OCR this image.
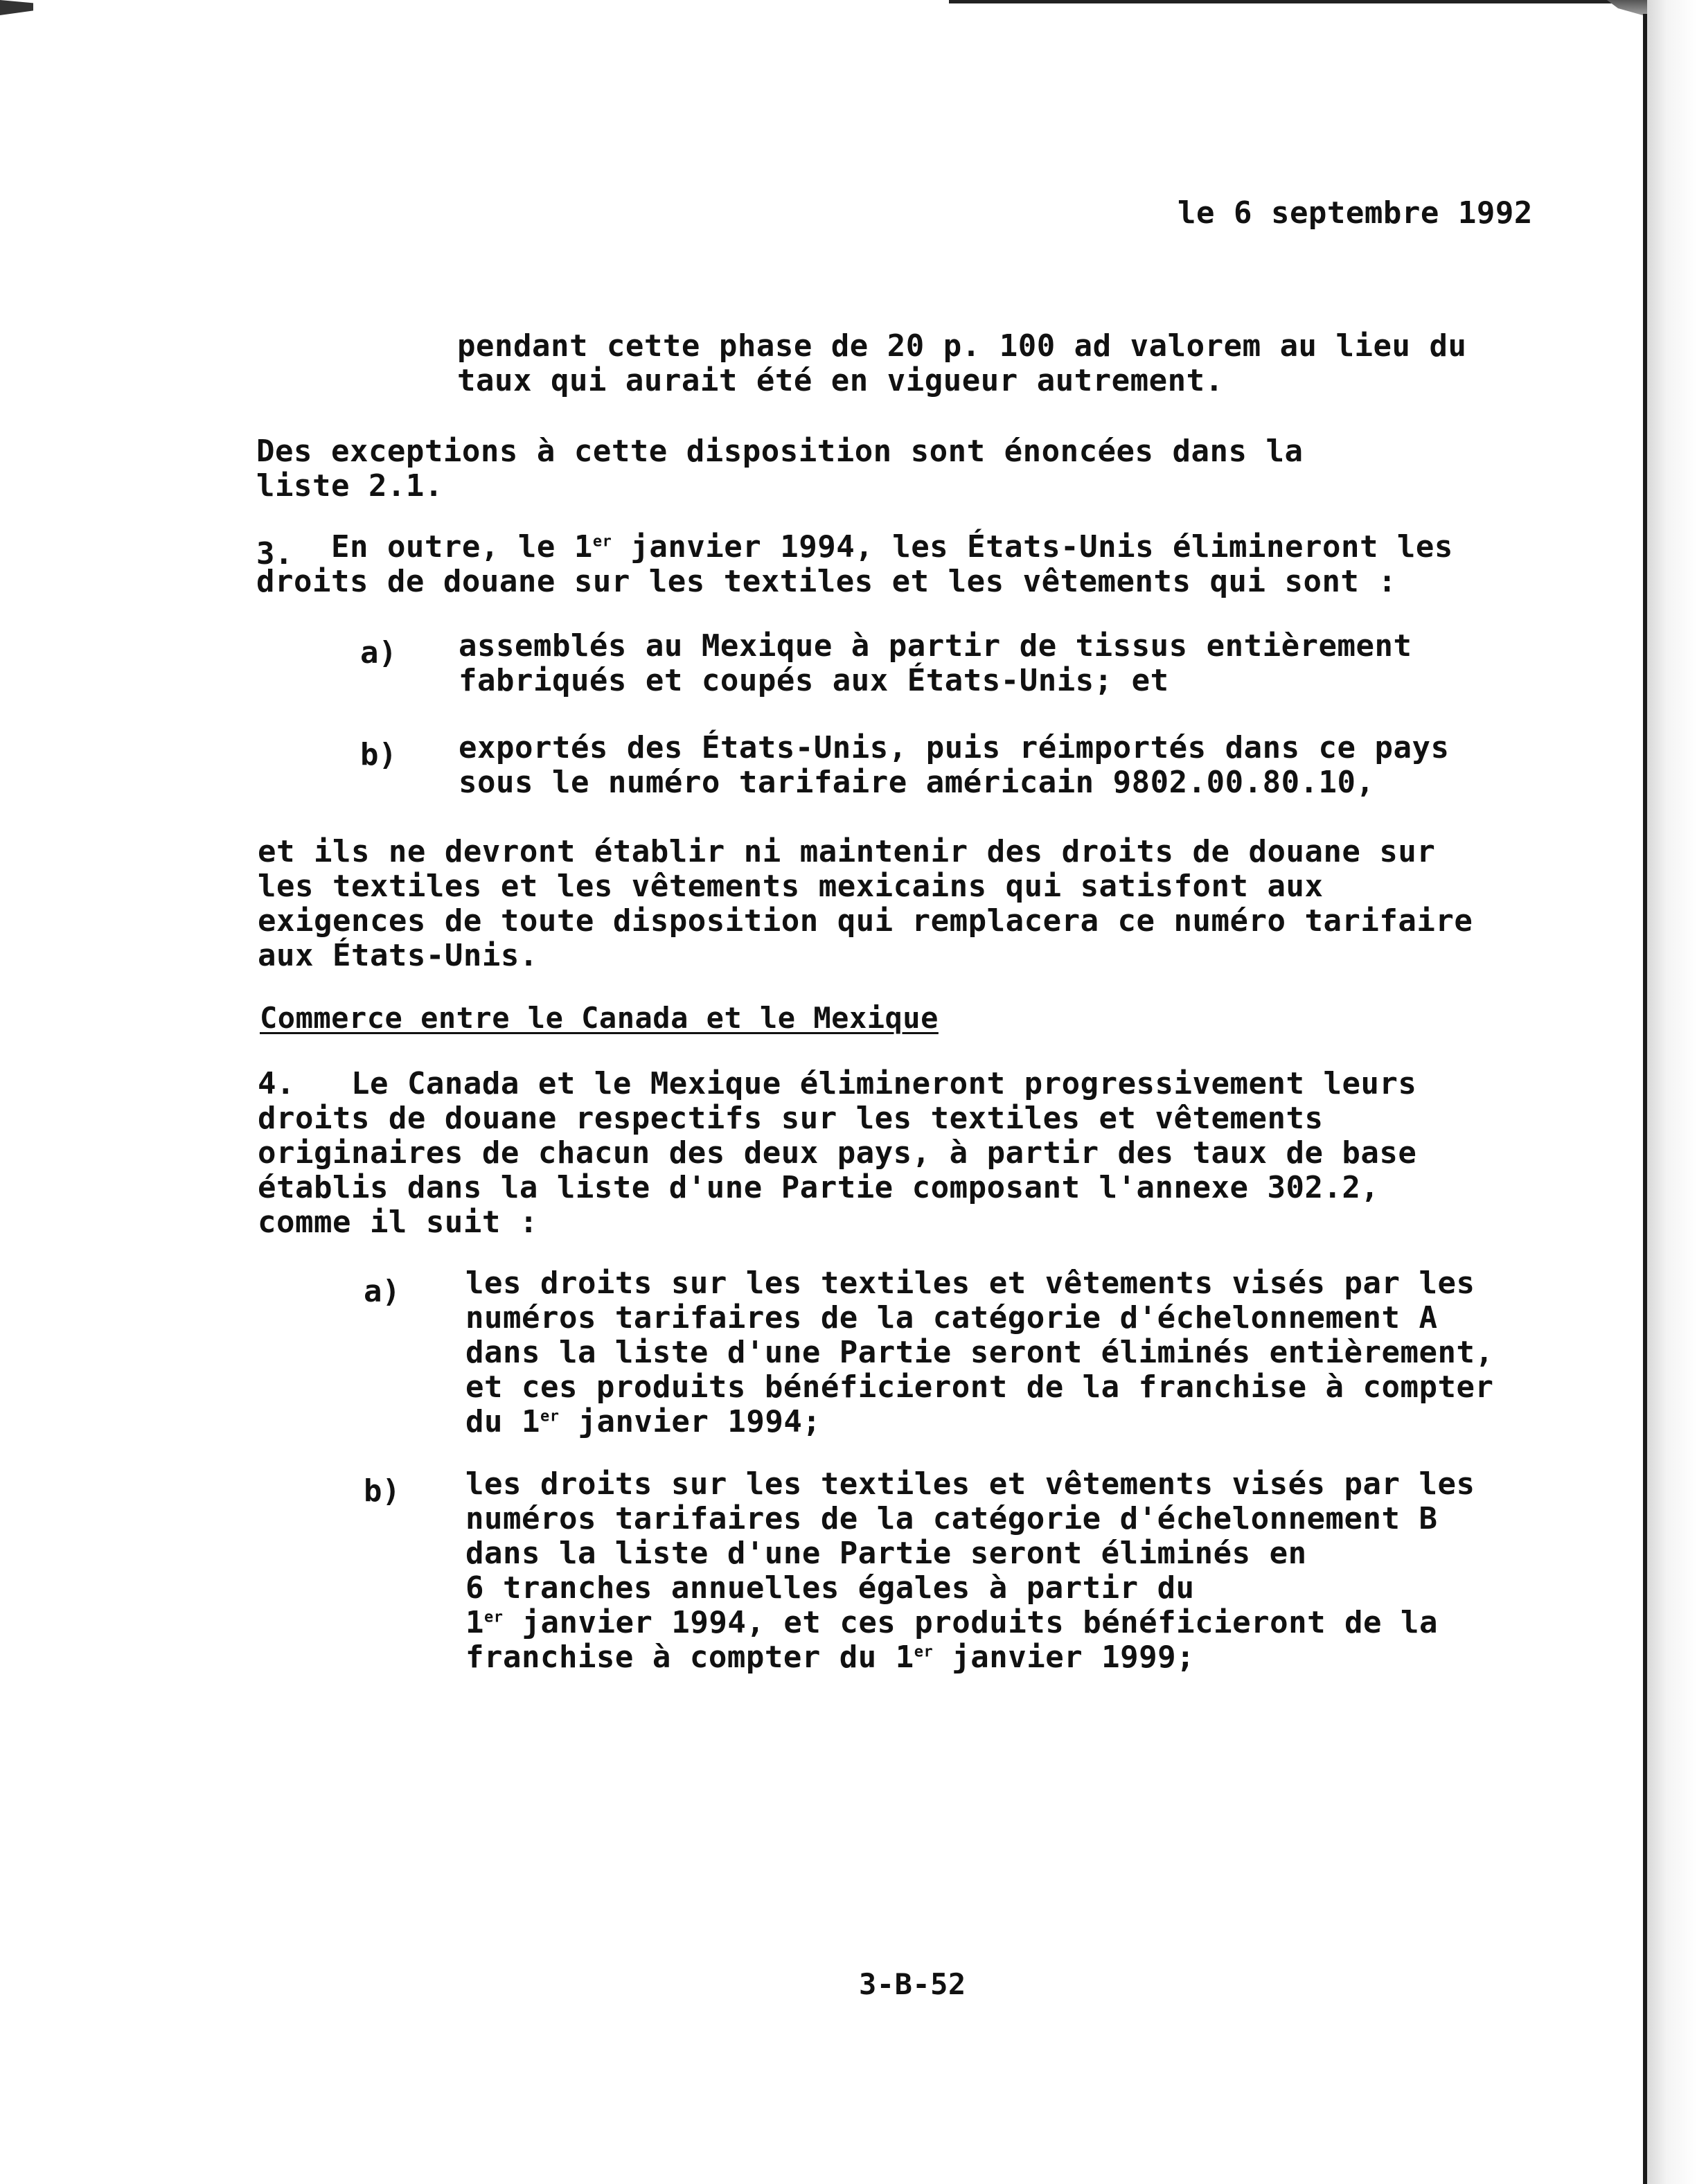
le 6 septembre 1992

pendant cette phase de 20 p. 100 ad valorem au lieu du
taux qui aurait été en vigueur autrement.
Des exceptions à cette disposition sont énoncées dans la
liste 2.1.
3.	En outre, le 1er janvier 1994, les États-Unis élimineront les
droits de douane sur les textiles et les vêtements qui sont :
a) assemblés au Mexique à partir de tissus entièrement
fabriqués et coupés aux États-Unis; et
b) exportés des États-Unis, puis réimportés dans ce pays
sous le numéro tarifaire américain 9802.00.80.10,
et ils ne devront établir ni maintenir des droits de douane sur
les textiles et les vêtements mexicains qui satisfont aux
exigences de toute disposition qui remplacera ce numéro tarifaire
aux États-Unis.

Commerce entre le Canada et le Mexique

4. Le Canada et le Mexique élimineront progressivement leurs
droits de douane respectifs sur les textiles et vêtements
originaires de chacun des deux pays, à partir des taux de base
établis dans la liste d'une Partie composant l'annexe 302.2,
comme il suit :
a) les droits sur les textiles et vêtements visés par les
numéros tarifaires de la catégorie d'échelonnement A
dans la liste d'une Partie seront éliminés entièrement,
et ces produits bénéficieront de la franchise à compter
du 1er janvier 1994;
b) les droits sur les textiles et vêtements visés par les
numéros tarifaires de la catégorie d'échelonnement B
dans la liste d'une Partie seront éliminés en
6 tranches annuelles égales à partir du
1er janvier 1994, et ces produits bénéficieront de la
franchise à compter du 1er janvier 1999;

3-B-52
